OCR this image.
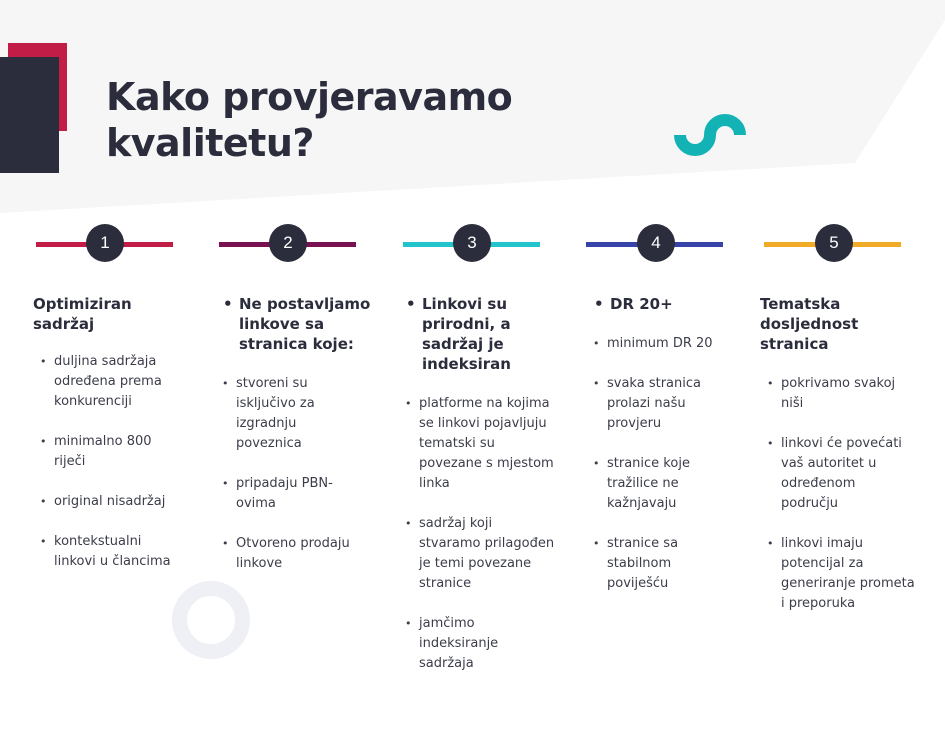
Kako provjeravamo
kvalitetu?
1
Optimiziran sadržaj
• duljina sadržaja određena prema konkurenciji
• minimalno 800 riječi
• original nisadržaj
• kontekstualni linkovi u člancima
2
• Ne postavljamo linkove sa stranica koje:
• stvoreni su isključivo za izgradnju poveznica
• pripadaju PBN-ovima
• Otvoreno prodaju linkove
3
• Linkovi su prirodni, a sadržaj je indeksiran
• platforme na kojima se linkovi pojavljuju tematski su povezane s mjestom linka
• sadržaj koji stvaramo prilagođen je temi povezane stranice
• jamčimo indeksiranje sadržaja
4
• DR 20+
• minimum DR 20
• svaka stranica prolazi našu provjeru
• stranice koje tražilice ne kažnjavaju
• stranice sa stabilnom poviješću
5
Tematska dosljednost stranica
• pokrivamo svakoj niši
• linkovi će povećati vaš autoritet u određenom području
• linkovi imaju potencijal za generiranje prometa i preporuka
